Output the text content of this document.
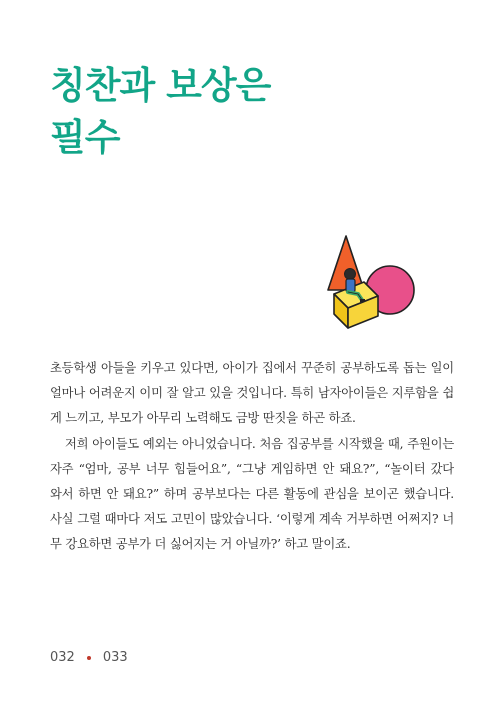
칭찬과 보상은
필수

초등학생 아들을 키우고 있다면, 아이가 집에서 꾸준히 공부하도록 돕는 일이 얼마나 어려운지 이미 잘 알고 있을 것입니다. 특히 남자아이들은 지루함을 쉽게 느끼고, 부모가 아무리 노력해도 금방 딴짓을 하곤 하죠.

저희 아이들도 예외는 아니었습니다. 처음 집공부를 시작했을 때, 주원이는 자주 “엄마, 공부 너무 힘들어요”, “그냥 게임하면 안 돼요?”, “놀이터 갔다 와서 하면 안 돼요?” 하며 공부보다는 다른 활동에 관심을 보이곤 했습니다. 사실 그럴 때마다 저도 고민이 많았습니다. ‘이렇게 계속 거부하면 어쩌지? 너무 강요하면 공부가 더 싫어지는 거 아닐까?’ 하고 말이죠.

032 033
